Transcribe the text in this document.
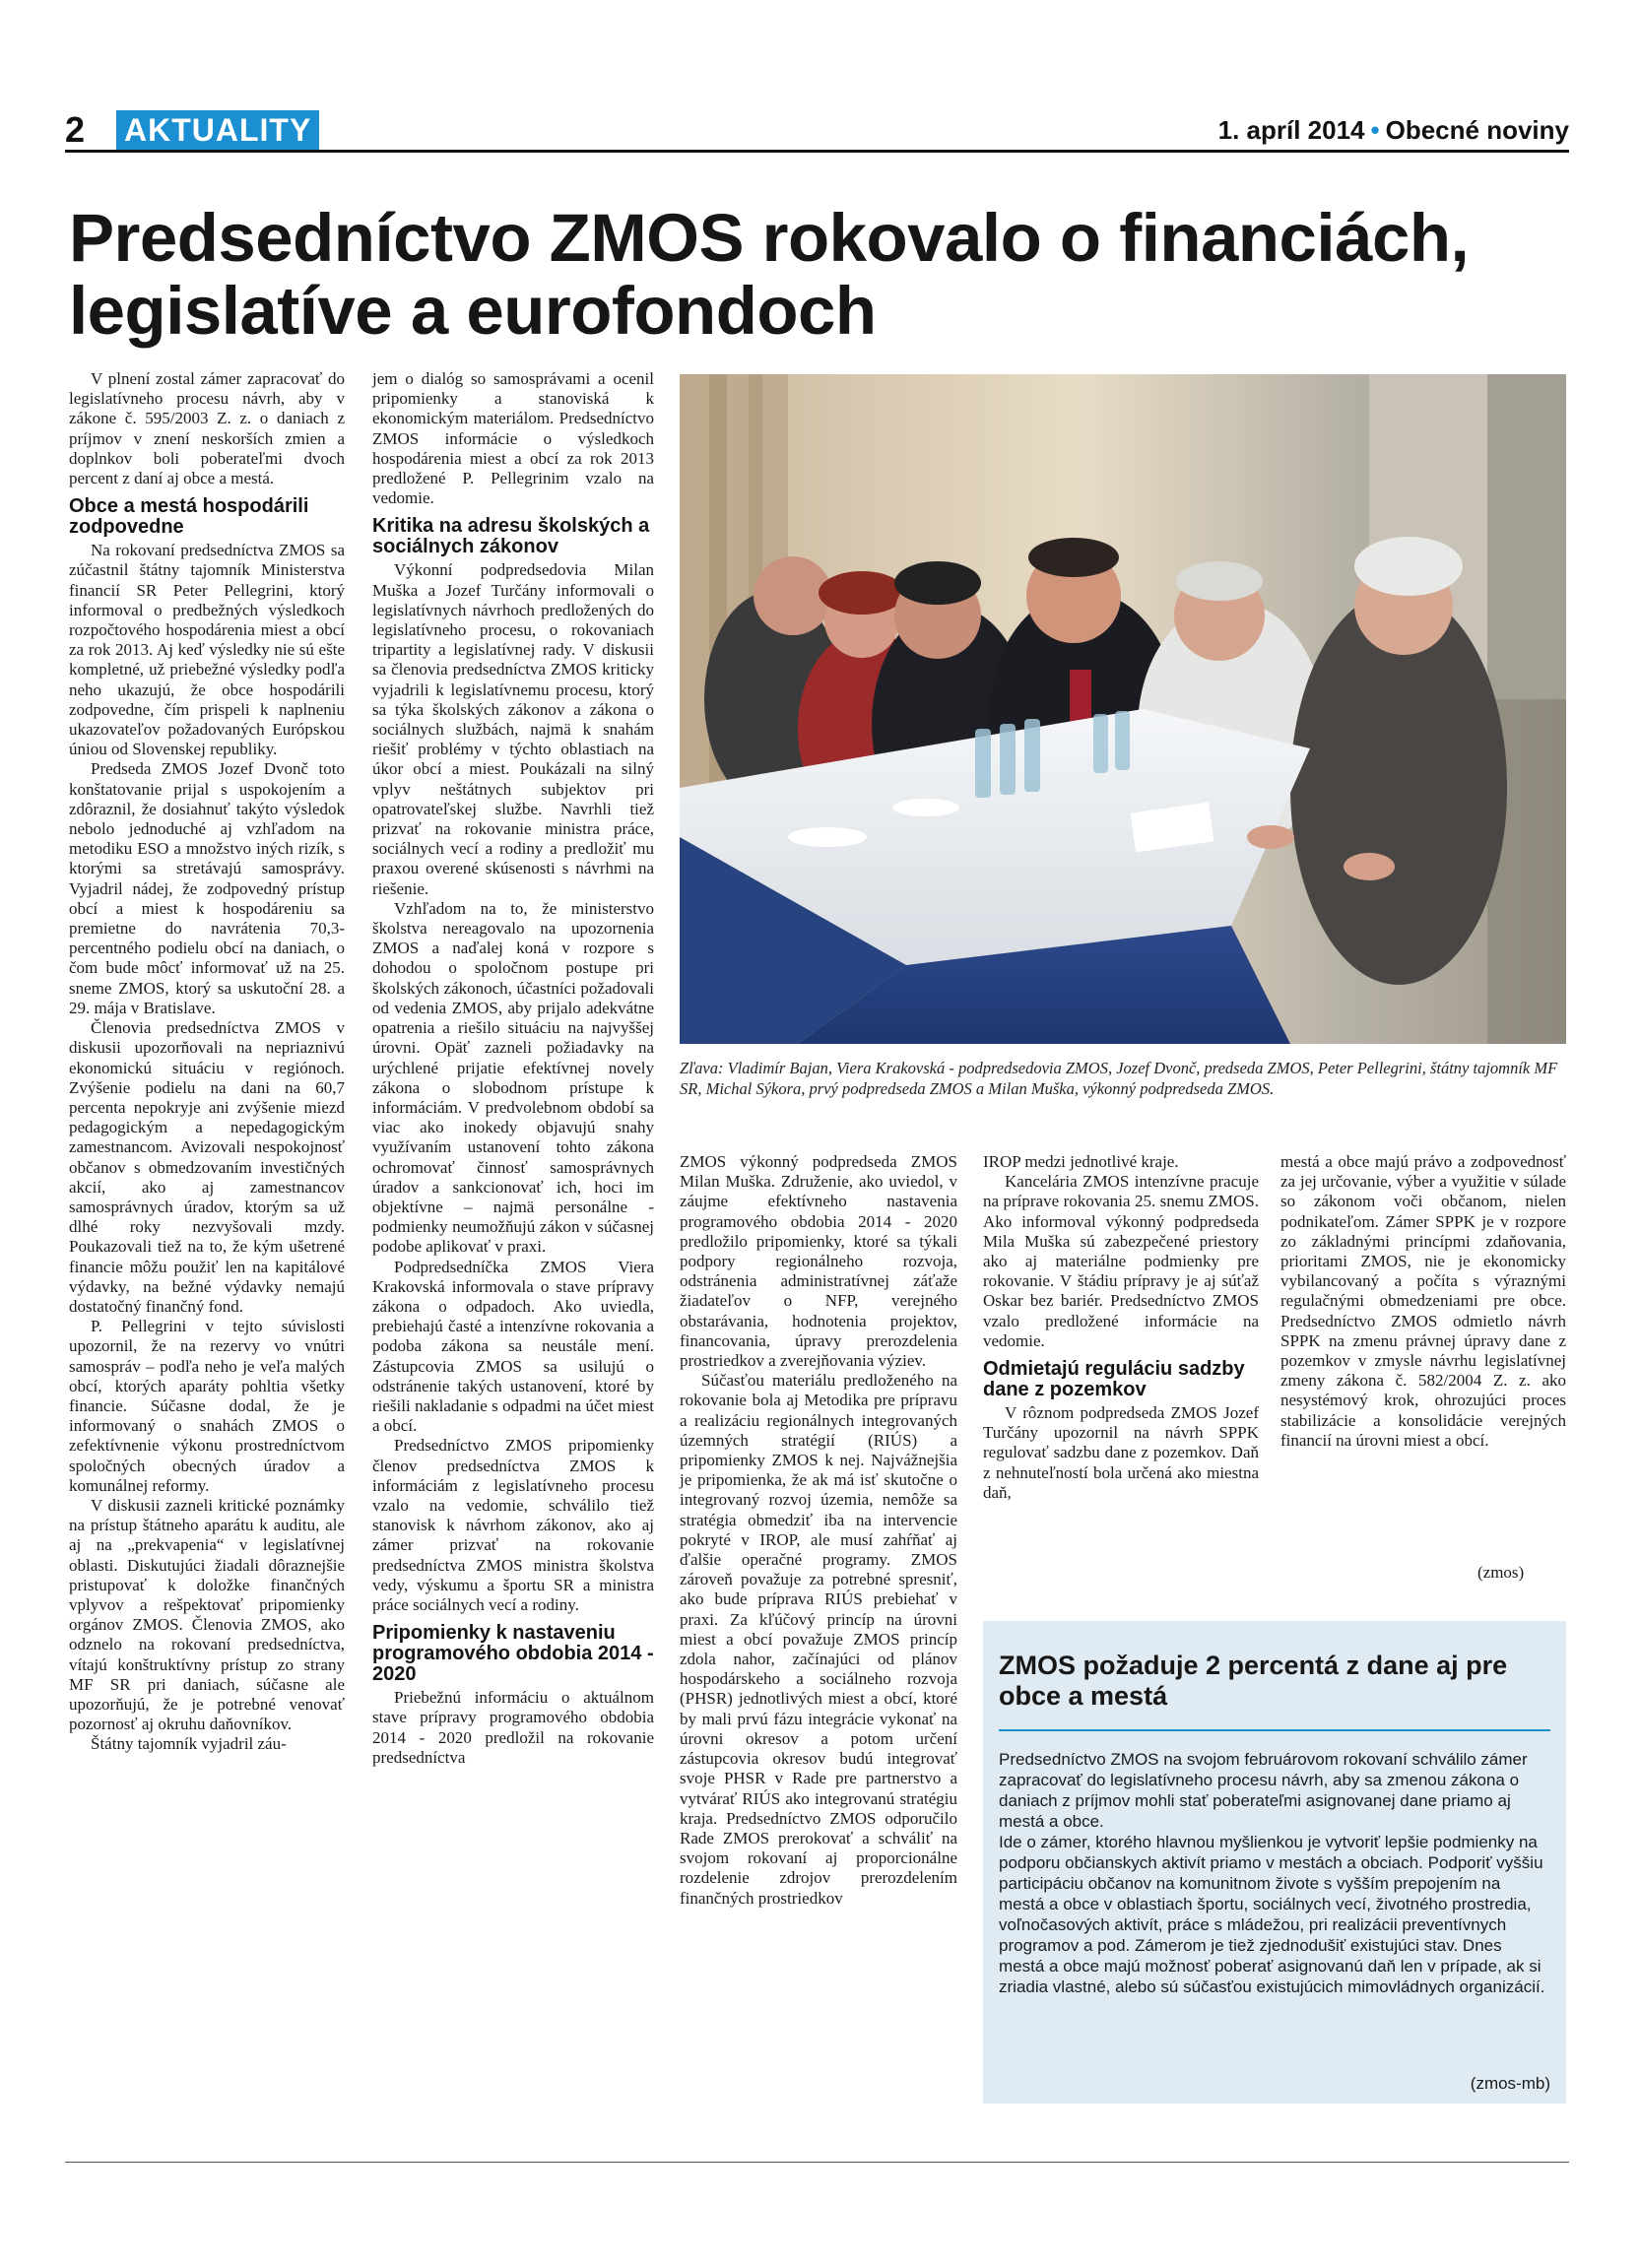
2 AKTUALITY	1. apríl 2014 • Obecné noviny
Predsedníctvo ZMOS rokovalo o financiách, legislatíve a eurofondoch

V plnení zostal zámer zapracovať do legislatívneho procesu návrh, aby v zákone č. 595/2003 Z. z. o daniach z príjmov v znení neskorších zmien a doplnkov boli poberateľmi dvoch percent z daní aj obce a mestá.

Obce a mestá hospodárili zodpovedne

Na rokovaní predsedníctva ZMOS sa zúčastnil štátny tajomník Ministerstva financií SR Peter Pellegrini, ktorý informoval o predbežných výsledkoch rozpočtového hospodárenia miest a obcí za rok 2013. Aj keď výsledky nie sú ešte kompletné, už priebežné výsledky podľa neho ukazujú, že obce hospodárili zodpovedne, čím prispeli k naplneniu ukazovateľov požadovaných Európskou úniou od Slovenskej republiky.

Predseda ZMOS Jozef Dvonč toto konštatovanie prijal s uspokojením a zdôraznil, že dosiahnuť takýto výsledok nebolo jednoduché aj vzhľadom na metodiku ESO a množstvo iných rizík, s ktorými sa stretávajú samosprávy. Vyjadril nádej, že zodpovedný prístup obcí a miest k hospodáreniu sa premietne do navrátenia 70,3-percentného podielu obcí na daniach, o čom bude môcť informovať už na 25. sneme ZMOS, ktorý sa uskutoční 28. a 29. mája v Bratislave.

Členovia predsedníctva ZMOS v diskusii upozorňovali na nepriaznivú ekonomickú situáciu v regiónoch. Zvýšenie podielu na dani na 60,7 percenta nepokryje ani zvýšenie miezd pedagogickým a nepedagogickým zamestnancom. Avizovali nespokojnosť občanov s obmedzovaním investičných akcií, ako aj zamestnancov samosprávnych úradov, ktorým sa už dlhé roky nezvyšovali mzdy. Poukazovali tiež na to, že kým ušetrené financie môžu použiť len na kapitálové výdavky, na bežné výdavky nemajú dostatočný finančný fond.

P. Pellegrini v tejto súvislosti upozornil, že na rezervy vo vnútri samospráv – podľa neho je veľa malých obcí, ktorých aparáty pohltia všetky financie. Súčasne dodal, že je informovaný o snahách ZMOS o zefektívnenie výkonu prostredníctvom spoločných obecných úradov a komunálnej reformy.

V diskusii zazneli kritické poznámky na prístup štátneho aparátu k auditu, ale aj na „prekvapenia“ v legislatívnej oblasti. Diskutujúci žiadali dôraznejšie pristupovať k doložke finančných vplyvov a rešpektovať pripomienky orgánov ZMOS. Členovia ZMOS, ako odznelo na rokovaní predsedníctva, vítajú konštruktívny prístup zo strany MF SR pri daniach, súčasne ale upozorňujú, že je potrebné venovať pozornosť aj okruhu daňovníkov.

Štátny tajomník vyjadril záu-

jem o dialóg so samosprávami a ocenil pripomienky a stanoviská k ekonomickým materiálom. Predsedníctvo ZMOS informácie o výsledkoch hospodárenia miest a obcí za rok 2013 predložené P. Pellegrinim vzalo na vedomie.

Kritika na adresu školských a sociálnych zákonov

Výkonní podpredsedovia Milan Muška a Jozef Turčány informovali o legislatívnych návrhoch predložených do legislatívneho procesu, o rokovaniach tripartity a legislatívnej rady. V diskusii sa členovia predsedníctva ZMOS kriticky vyjadrili k legislatívnemu procesu, ktorý sa týka školských zákonov a zákona o sociálnych službách, najmä k snahám riešiť problémy v týchto oblastiach na úkor obcí a miest. Poukázali na silný vplyv neštátnych subjektov pri opatrovateľskej službe. Navrhli tiež prizvať na rokovanie ministra práce, sociálnych vecí a rodiny a predložiť mu praxou overené skúsenosti s návrhmi na riešenie.

Vzhľadom na to, že ministerstvo školstva nereagovalo na upozornenia ZMOS a naďalej koná v rozpore s dohodou o spoločnom postupe pri školských zákonoch, účastníci požadovali od vedenia ZMOS, aby prijalo adekvátne opatrenia a riešilo situáciu na najvyššej úrovni. Opäť zazneli požiadavky na urýchlené prijatie efektívnej novely zákona o slobodnom prístupe k informáciám. V predvolebnom období sa viac ako inokedy objavujú snahy využívaním ustanovení tohto zákona ochromovať činnosť samosprávnych úradov a sankcionovať ich, hoci im objektívne – najmä personálne - podmienky neumožňujú zákon v súčasnej podobe aplikovať v praxi.

Podpredsedníčka ZMOS Viera Krakovská informovala o stave prípravy zákona o odpadoch. Ako uviedla, prebiehajú časté a intenzívne rokovania a podoba zákona sa neustále mení. Zástupcovia ZMOS sa usilujú o odstránenie takých ustanovení, ktoré by riešili nakladanie s odpadmi na účet miest a obcí.

Predsedníctvo ZMOS pripomienky členov predsedníctva ZMOS k informáciám z legislatívneho procesu vzalo na vedomie, schválilo tiež stanovisk k návrhom zákonov, ako aj zámer prizvať na rokovanie predsedníctva ZMOS ministra školstva vedy, výskumu a športu SR a ministra práce sociálnych vecí a rodiny.

Pripomienky k nastaveniu programového obdobia 2014 - 2020

Priebežnú informáciu o aktuálnom stave prípravy programového obdobia 2014 - 2020 predložil na rokovanie predsedníctva

Zľava: Vladimír Bajan, Viera Krakovská - podpredsedovia ZMOS, Jozef Dvonč, predseda ZMOS, Peter Pellegrini, štátny tajomník MF SR, Michal Sýkora, prvý podpredseda ZMOS a Milan Muška, výkonný podpredseda ZMOS.

ZMOS výkonný podpredseda ZMOS Milan Muška. Združenie, ako uviedol, v záujme efektívneho nastavenia programového obdobia 2014 - 2020 predložilo pripomienky, ktoré sa týkali podpory regionálneho rozvoja, odstránenia administratívnej záťaže žiadateľov o NFP, verejného obstarávania, hodnotenia projektov, financovania, úpravy prerozdelenia prostriedkov a zverejňovania výziev.

Súčasťou materiálu predloženého na rokovanie bola aj Metodika pre prípravu a realizáciu regionálnych integrovaných územných stratégií (RIÚS) a pripomienky ZMOS k nej. Najvážnejšia je pripomienka, že ak má isť skutočne o integrovaný rozvoj územia, nemôže sa stratégia obmedziť iba na intervencie pokryté v IROP, ale musí zahŕňať aj ďalšie operačné programy. ZMOS zároveň považuje za potrebné spresniť, ako bude príprava RIÚS prebiehať v praxi. Za kľúčový princíp na úrovni miest a obcí považuje ZMOS princíp zdola nahor, začínajúci od plánov hospodárskeho a sociálneho rozvoja (PHSR) jednotlivých miest a obcí, ktoré by mali prvú fázu integrácie vykonať na úrovni okresov a potom určení zástupcovia okresov budú integrovať svoje PHSR v Rade pre partnerstvo a vytvárať RIÚS ako integrovanú stratégiu kraja. Predsedníctvo ZMOS odporučilo Rade ZMOS prerokovať a schváliť na svojom rokovaní aj proporcionálne rozdelenie zdrojov prerozdelením finančných prostriedkov

IROP medzi jednotlivé kraje.

Kancelária ZMOS intenzívne pracuje na príprave rokovania 25. snemu ZMOS. Ako informoval výkonný podpredseda Mila Muška sú zabezpečené priestory ako aj materiálne podmienky pre rokovanie. V štádiu prípravy je aj súťaž Oskar bez bariér. Predsedníctvo ZMOS vzalo predložené informácie na vedomie.

Odmietajú reguláciu sadzby dane z pozemkov

V rôznom podpredseda ZMOS Jozef Turčány upozornil na návrh SPPK regulovať sadzbu dane z pozemkov. Daň z nehnuteľností bola určená ako miestna daň,

mestá a obce majú právo a zodpovednosť za jej určovanie, výber a využitie v súlade so zákonom voči občanom, nielen podnikateľom. Zámer SPPK je v rozpore zo základnými princípmi zdaňovania, prioritami ZMOS, nie je ekonomicky vybilancovaný a počíta s výraznými regulačnými obmedzeniami pre obce. Predsedníctvo ZMOS odmietlo návrh SPPK na zmenu právnej úpravy dane z pozemkov v zmysle návrhu legislatívnej zmeny zákona č. 582/2004 Z. z. ako nesystémový krok, ohrozujúci proces stabilizácie a konsolidácie verejných financií na úrovni miest a obcí.

(zmos)
ZMOS požaduje 2 percentá z dane aj pre obce a mestá

Predsedníctvo ZMOS na svojom februárovom rokovaní schválilo zámer zapracovať do legislatívneho procesu návrh, aby sa zmenou zákona o daniach z príjmov mohli stať poberateľmi asignovanej dane priamo aj mestá a obce.

Ide o zámer, ktorého hlavnou myšlienkou je vytvoriť lepšie podmienky na podporu občianskych aktivít priamo v mestách a obciach. Podporiť vyššiu participáciu občanov na komunitnom živote s vyšším prepojením na mestá a obce v oblastiach športu, sociálnych vecí, životného prostredia, voľnočasových aktivít, práce s mládežou, pri realizácii preventívnych programov a pod. Zámerom je tiež zjednodušiť existujúci stav. Dnes mestá a obce majú možnosť poberať asignovanú daň len v prípade, ak si zriadia vlastné, alebo sú súčasťou existujúcich mimovládnych organizácií.

(zmos-mb)
